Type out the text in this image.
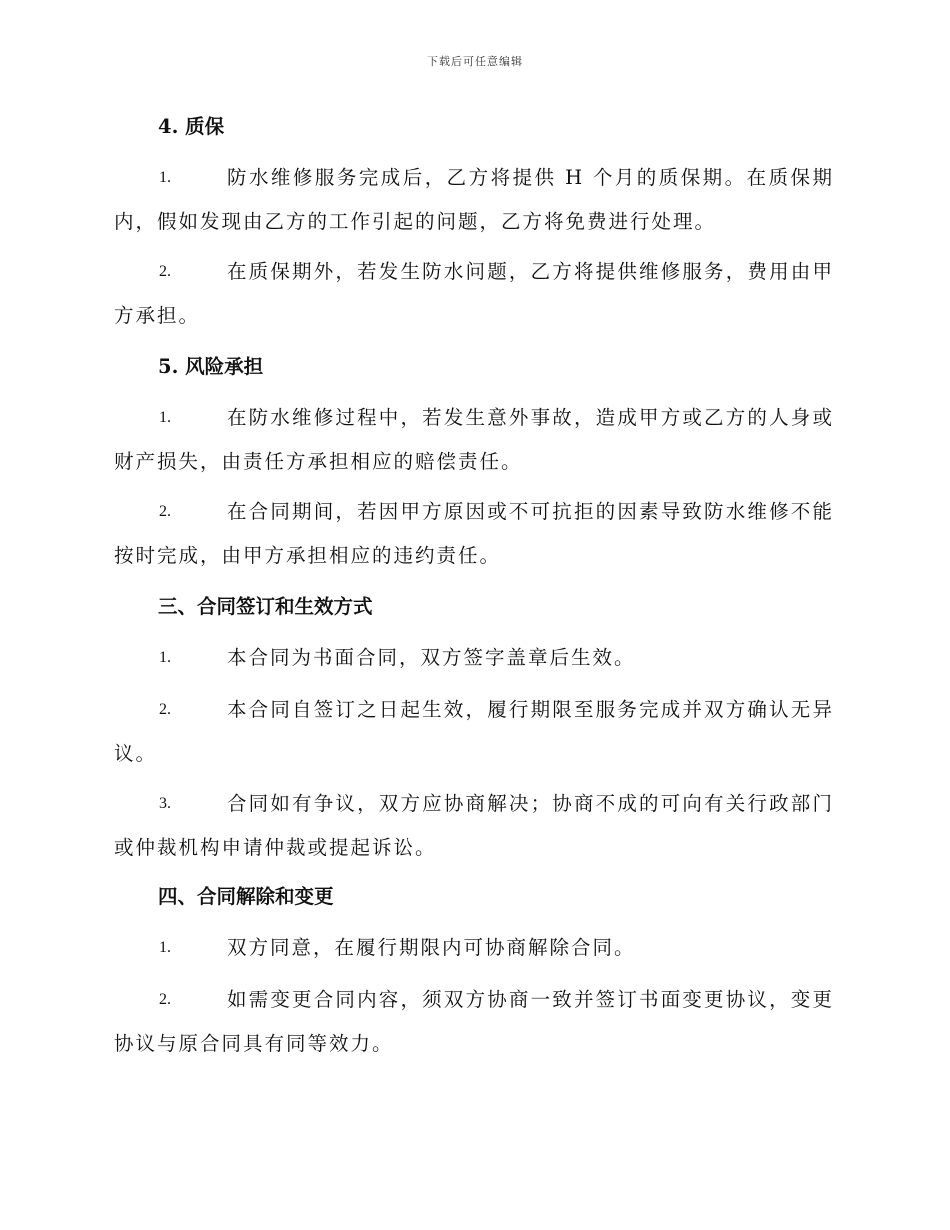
下载后可任意编辑
4. 质保
1.	防水维修服务完成后，乙方将提供 H 个月的质保期。在质保期
内，假如发现由乙方的工作引起的问题，乙方将免费进行处理。
2.	在质保期外，若发生防水问题，乙方将提供维修服务，费用由甲
方承担。
5. 风险承担
1.	在防水维修过程中，若发生意外事故，造成甲方或乙方的人身或
财产损失，由责任方承担相应的赔偿责任。
2.	在合同期间，若因甲方原因或不可抗拒的因素导致防水维修不能
按时完成，由甲方承担相应的违约责任。
三、合同签订和生效方式
1.	本合同为书面合同，双方签字盖章后生效。
2.	本合同自签订之日起生效，履行期限至服务完成并双方确认无异
议。
3.	合同如有争议，双方应协商解决；协商不成的可向有关行政部门
或仲裁机构申请仲裁或提起诉讼。
四、合同解除和变更
1.	双方同意，在履行期限内可协商解除合同。
2.	如需变更合同内容，须双方协商一致并签订书面变更协议，变更
协议与原合同具有同等效力。
